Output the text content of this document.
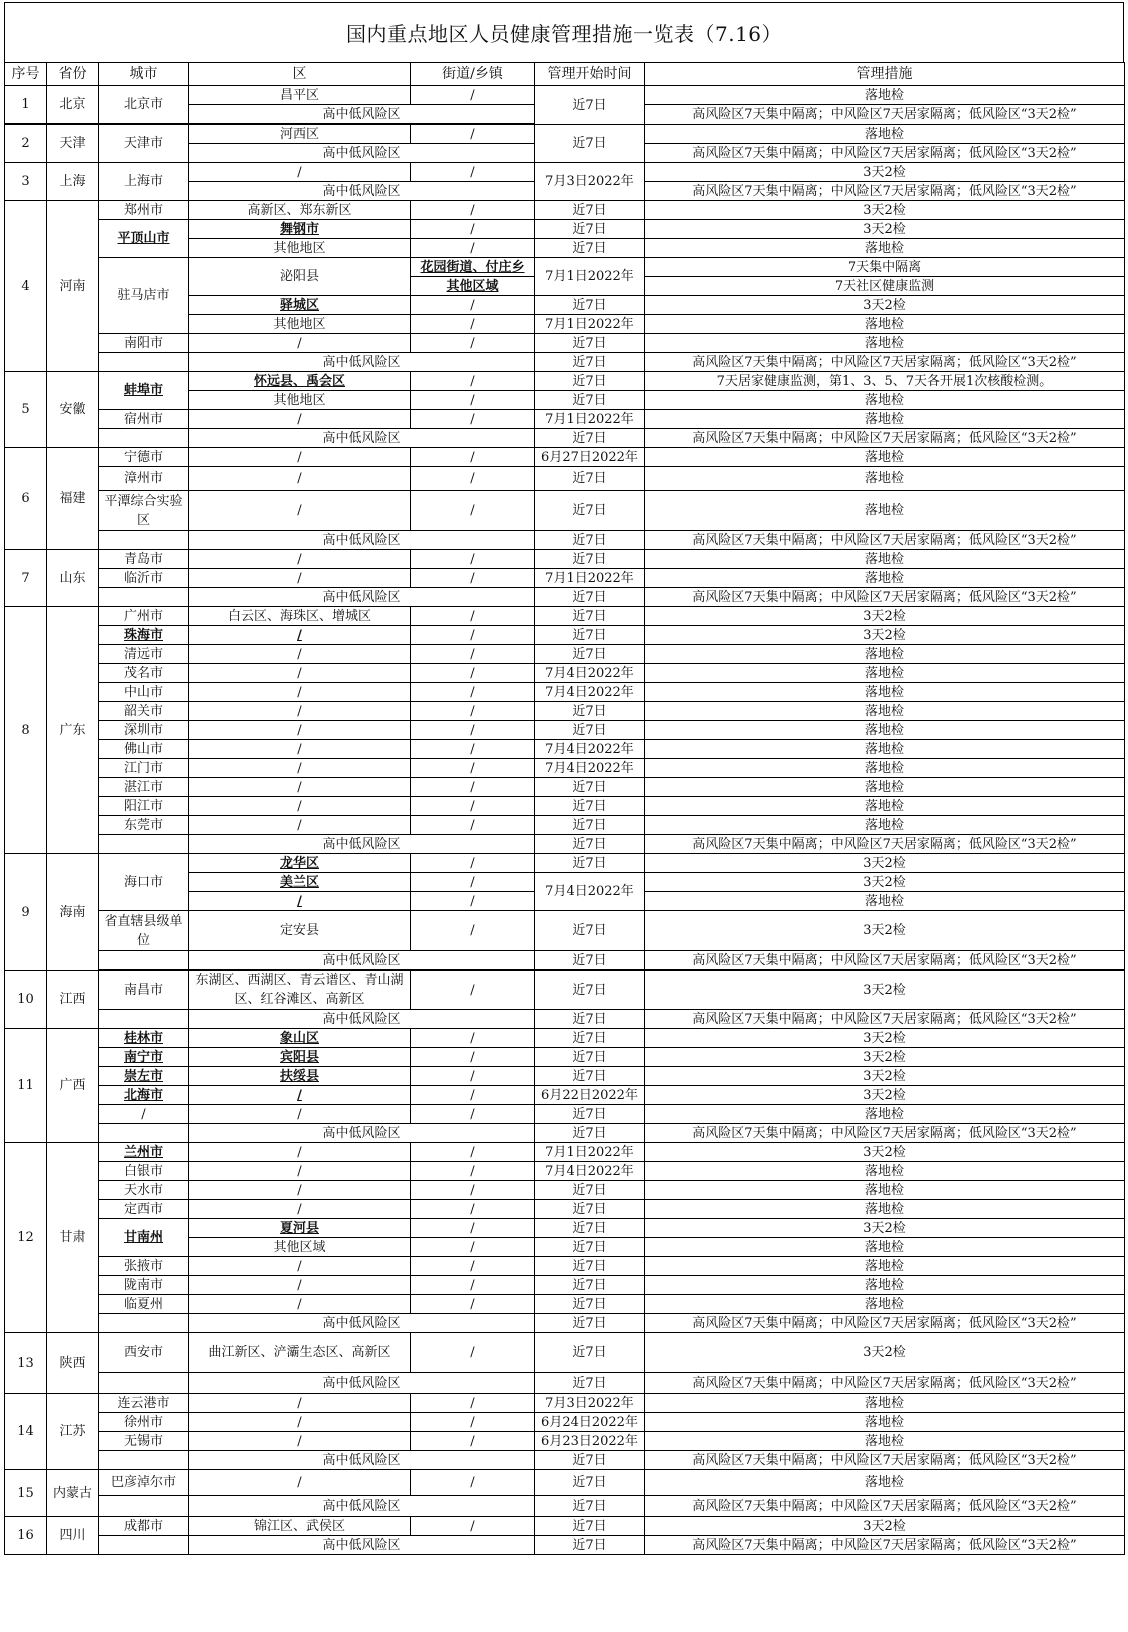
国内重点地区人员健康管理措施一览表（7.16）
序号	省份	城市	区	街道/乡镇	管理开始时间	管理措施
1	北京	北京市	昌平区	/	近7日	落地检
			高中低风险区			高风险区7天集中隔离；中风险区7天居家隔离；低风险区“3天2检”

2	天津	天津市	河西区	/	近7日	落地检
			高中低风险区			高风险区7天集中隔离；中风险区7天居家隔离；低风险区“3天2检”
3	上海	上海市	/	/	7月3日2022年	3天2检
			高中低风险区			高风险区7天集中隔离；中风险区7天居家隔离；低风险区“3天2检”
4	河南	郑州市	高新区、郑东新区	/	近7日	3天2检
		平顶山市	舞钢市	/	近7日	3天2检
			其他地区	/	近7日	落地检
		驻马店市	泌阳县	花园街道、付庄乡	7月1日2022年	7天集中隔离
				其他区域		7天社区健康监测
			驿城区	/	近7日	3天2检
			其他地区	/	7月1日2022年	落地检
		南阳市	/	/	近7日	落地检
			高中低风险区		近7日	高风险区7天集中隔离；中风险区7天居家隔离；低风险区“3天2检”
5	安徽	蚌埠市	怀远县、禹会区	/	近7日	7天居家健康监测，第1、3、5、7天各开展1次核酸检测。
			其他地区	/	近7日	落地检
		宿州市	/	/	7月1日2022年	落地检
			高中低风险区		近7日	高风险区7天集中隔离；中风险区7天居家隔离；低风险区“3天2检”
6	福建	宁德市	/	/	6月27日2022年	落地检
		漳州市	/	/	近7日	落地检
		平潭综合实验区	/	/	近7日	落地检
			高中低风险区		近7日	高风险区7天集中隔离；中风险区7天居家隔离；低风险区“3天2检”
7	山东	青岛市	/	/	近7日	落地检
		临沂市	/	/	7月1日2022年	落地检
			高中低风险区		近7日	高风险区7天集中隔离；中风险区7天居家隔离；低风险区“3天2检”
8	广东	广州市	白云区、海珠区、增城区	/	近7日	3天2检
		珠海市	/	/	近7日	3天2检
		清远市	/	/	近7日	落地检
		茂名市	/	/	7月4日2022年	落地检
		中山市	/	/	7月4日2022年	落地检
		韶关市	/	/	近7日	落地检
		深圳市	/	/	近7日	落地检
		佛山市	/	/	7月4日2022年	落地检
		江门市	/	/	7月4日2022年	落地检
		湛江市	/	/	近7日	落地检
		阳江市	/	/	近7日	落地检
		东莞市	/	/	近7日	落地检
			高中低风险区		近7日	高风险区7天集中隔离；中风险区7天居家隔离；低风险区“3天2检”
9	海南	海口市	龙华区	/	近7日	3天2检
			美兰区	/	7月4日2022年	3天2检
			/	/		落地检
		省直辖县级单位	定安县	/	近7日	3天2检
			高中低风险区		近7日	高风险区7天集中隔离；中风险区7天居家隔离；低风险区“3天2检”

10	江西	南昌市	东湖区、西湖区、青云谱区、青山湖区、红谷滩区、高新区	/	近7日	3天2检
			高中低风险区		近7日	高风险区7天集中隔离；中风险区7天居家隔离；低风险区“3天2检”
11	广西	桂林市	象山区	/	近7日	3天2检
		南宁市	宾阳县	/	近7日	3天2检
		崇左市	扶绥县	/	近7日	3天2检
		北海市	/	/	6月22日2022年	3天2检
		/	/	/	近7日	落地检
			高中低风险区		近7日	高风险区7天集中隔离；中风险区7天居家隔离；低风险区“3天2检”
12	甘肃	兰州市	/	/	7月1日2022年	3天2检
		白银市	/	/	7月4日2022年	落地检
		天水市	/	/	近7日	落地检
		定西市	/	/	近7日	落地检
		甘南州	夏河县	/	近7日	3天2检
			其他区域	/	近7日	落地检
		张掖市	/	/	近7日	落地检
		陇南市	/	/	近7日	落地检
		临夏州	/	/	近7日	落地检
			高中低风险区		近7日	高风险区7天集中隔离；中风险区7天居家隔离；低风险区“3天2检”
13	陕西	西安市	曲江新区、浐灞生态区、高新区	/	近7日	3天2检
			高中低风险区		近7日	高风险区7天集中隔离；中风险区7天居家隔离；低风险区“3天2检”
14	江苏	连云港市	/	/	7月3日2022年	落地检
		徐州市	/	/	6月24日2022年	落地检
		无锡市	/	/	6月23日2022年	落地检
			高中低风险区		近7日	高风险区7天集中隔离；中风险区7天居家隔离；低风险区“3天2检”
15	内蒙古	巴彦淖尔市	/	/	近7日	落地检
			高中低风险区		近7日	高风险区7天集中隔离；中风险区7天居家隔离；低风险区“3天2检”
16	四川	成都市	锦江区、武侯区	/	近7日	3天2检
			高中低风险区		近7日	高风险区7天集中隔离；中风险区7天居家隔离；低风险区“3天2检”
